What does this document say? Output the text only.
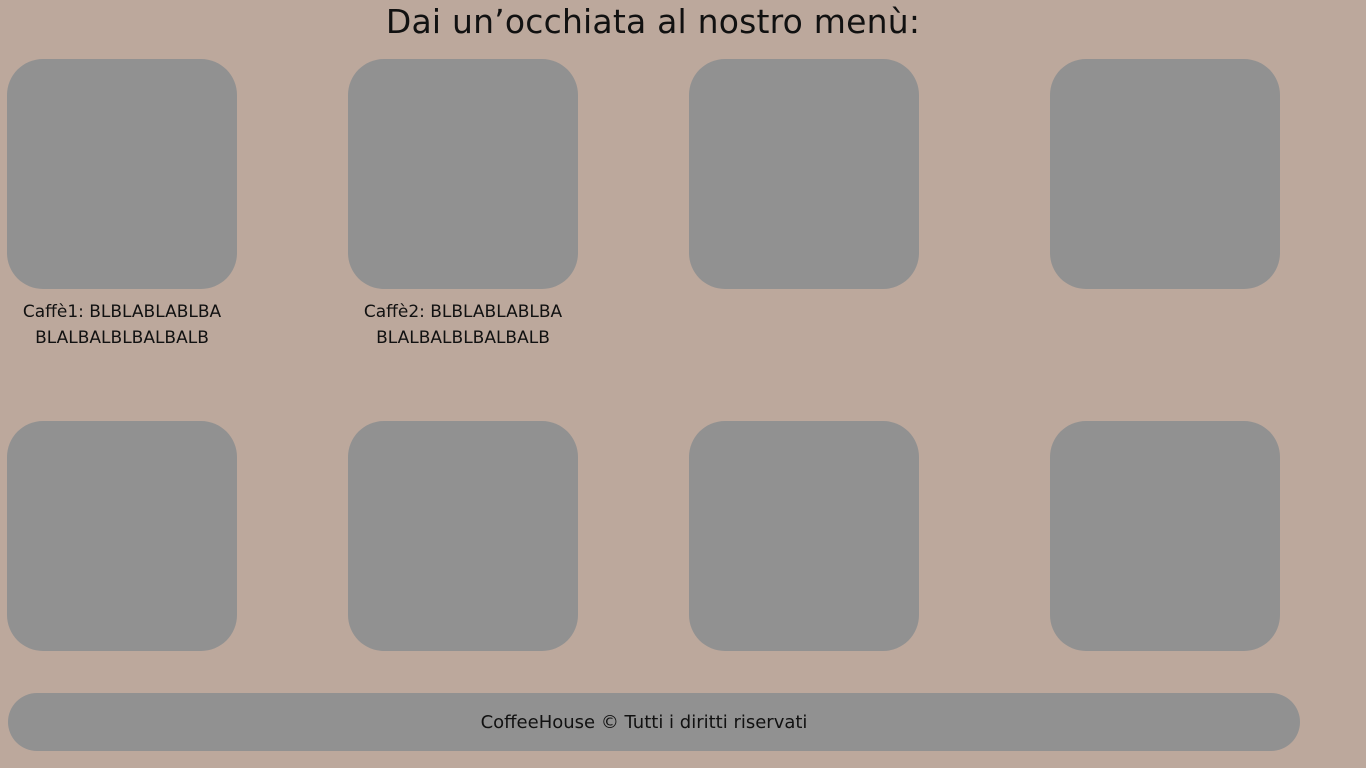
Dai un’occhiata al nostro menù:
Caffè1: BLBLABLABLBA
BLALBALBLBALBALB
Caffè2: BLBLABLABLBA
BLALBALBLBALBALB
CoffeeHouse © Tutti i diritti riservati
